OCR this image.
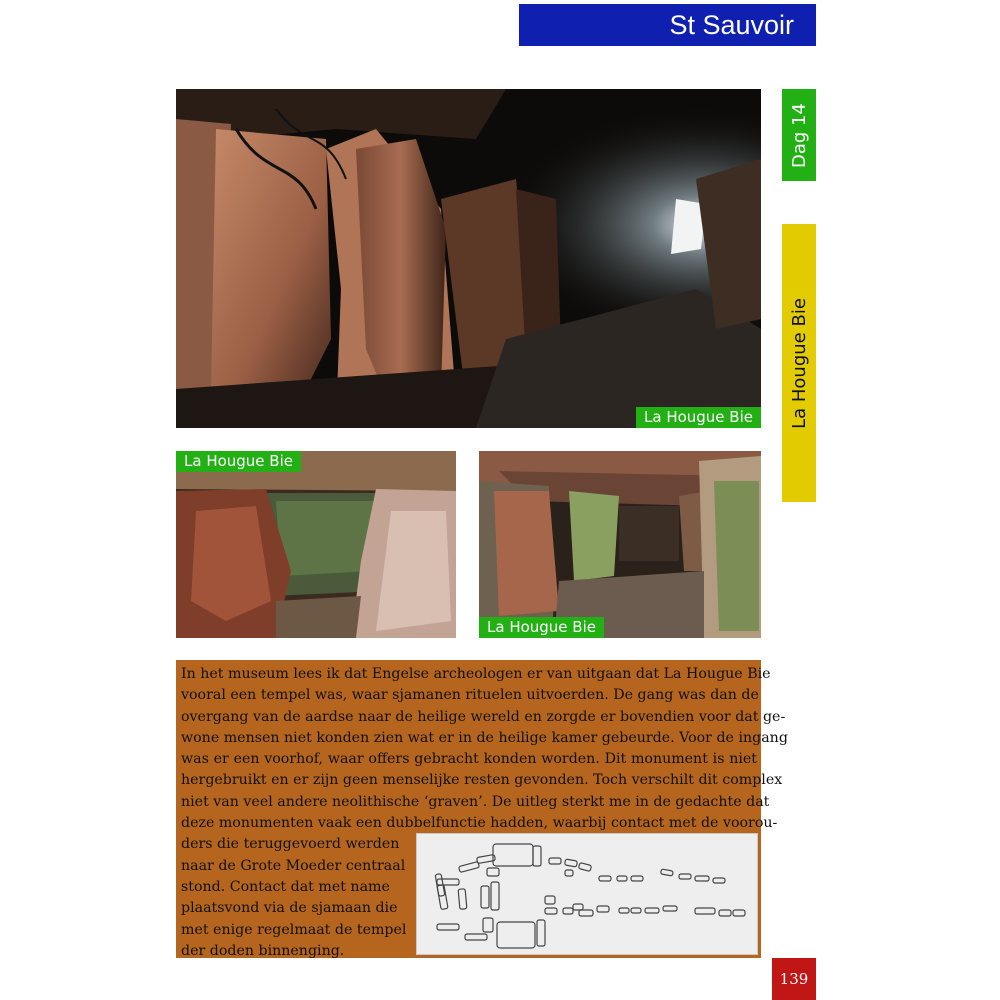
St Sauvoir
Dag 14
La Hougue Bie
La Hougue Bie
La Hougue Bie
La Hougue Bie

In het museum lees ik dat Engelse archeologen er van uitgaan dat La Hougue Bie
vooral een tempel was, waar sjamanen rituelen uitvoerden. De gang was dan de
overgang van de aardse naar de heilige wereld en zorgde er bovendien voor dat ge-
wone mensen niet konden zien wat er in de heilige kamer gebeurde. Voor de ingang
was er een voorhof, waar offers gebracht konden worden. Dit monument is niet
hergebruikt en er zijn geen menselijke resten gevonden. Toch verschilt dit complex
niet van veel andere neolithische ‘graven’. De uitleg sterkt me in de gedachte dat
deze monumenten vaak een dubbelfunctie hadden, waarbij contact met de voorou-

ders die teruggevoerd werden
naar de Grote Moeder centraal
stond. Contact dat met name
plaatsvond via de sjamaan die
met enige regelmaat de tempel
der doden binnenging.

139
